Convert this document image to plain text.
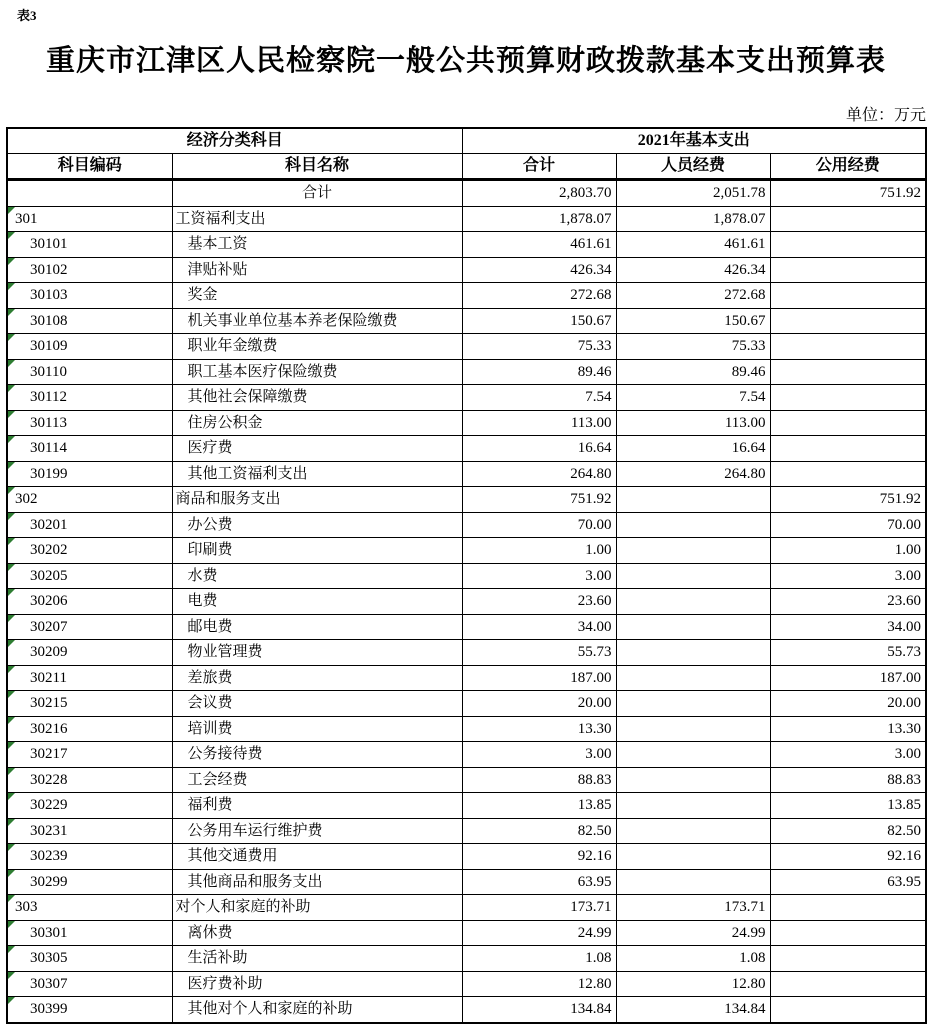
表3
重庆市江津区人民检察院一般公共预算财政拨款基本支出预算表
单位：万元
经济分类科目		2021年基本支出		
科目编码	科目名称	合计	人员经费	公用经费
	合计	2,803.70	2,051.78	751.92

301	工资福利支出	1,878.07	1,878.07	

30101	基本工资	461.61	461.61	

30102	津贴补贴	426.34	426.34	

30103	奖金	272.68	272.68	

30108	机关事业单位基本养老保险缴费	150.67	150.67	

30109	职业年金缴费	75.33	75.33	

30110	职工基本医疗保险缴费	89.46	89.46	

30112	其他社会保障缴费	7.54	7.54	

30113	住房公积金	113.00	113.00	

30114	医疗费	16.64	16.64	

30199	其他工资福利支出	264.80	264.80	

302	商品和服务支出	751.92		751.92

30201	办公费	70.00		70.00

30202	印刷费	1.00		1.00

30205	水费	3.00		3.00

30206	电费	23.60		23.60

30207	邮电费	34.00		34.00

30209	物业管理费	55.73		55.73

30211	差旅费	187.00		187.00

30215	会议费	20.00		20.00

30216	培训费	13.30		13.30

30217	公务接待费	3.00		3.00

30228	工会经费	88.83		88.83

30229	福利费	13.85		13.85

30231	公务用车运行维护费	82.50		82.50

30239	其他交通费用	92.16		92.16

30299	其他商品和服务支出	63.95		63.95

303	对个人和家庭的补助	173.71	173.71	

30301	离休费	24.99	24.99	

30305	生活补助	1.08	1.08	

30307	医疗费补助	12.80	12.80	

30399	其他对个人和家庭的补助	134.84	134.84	
